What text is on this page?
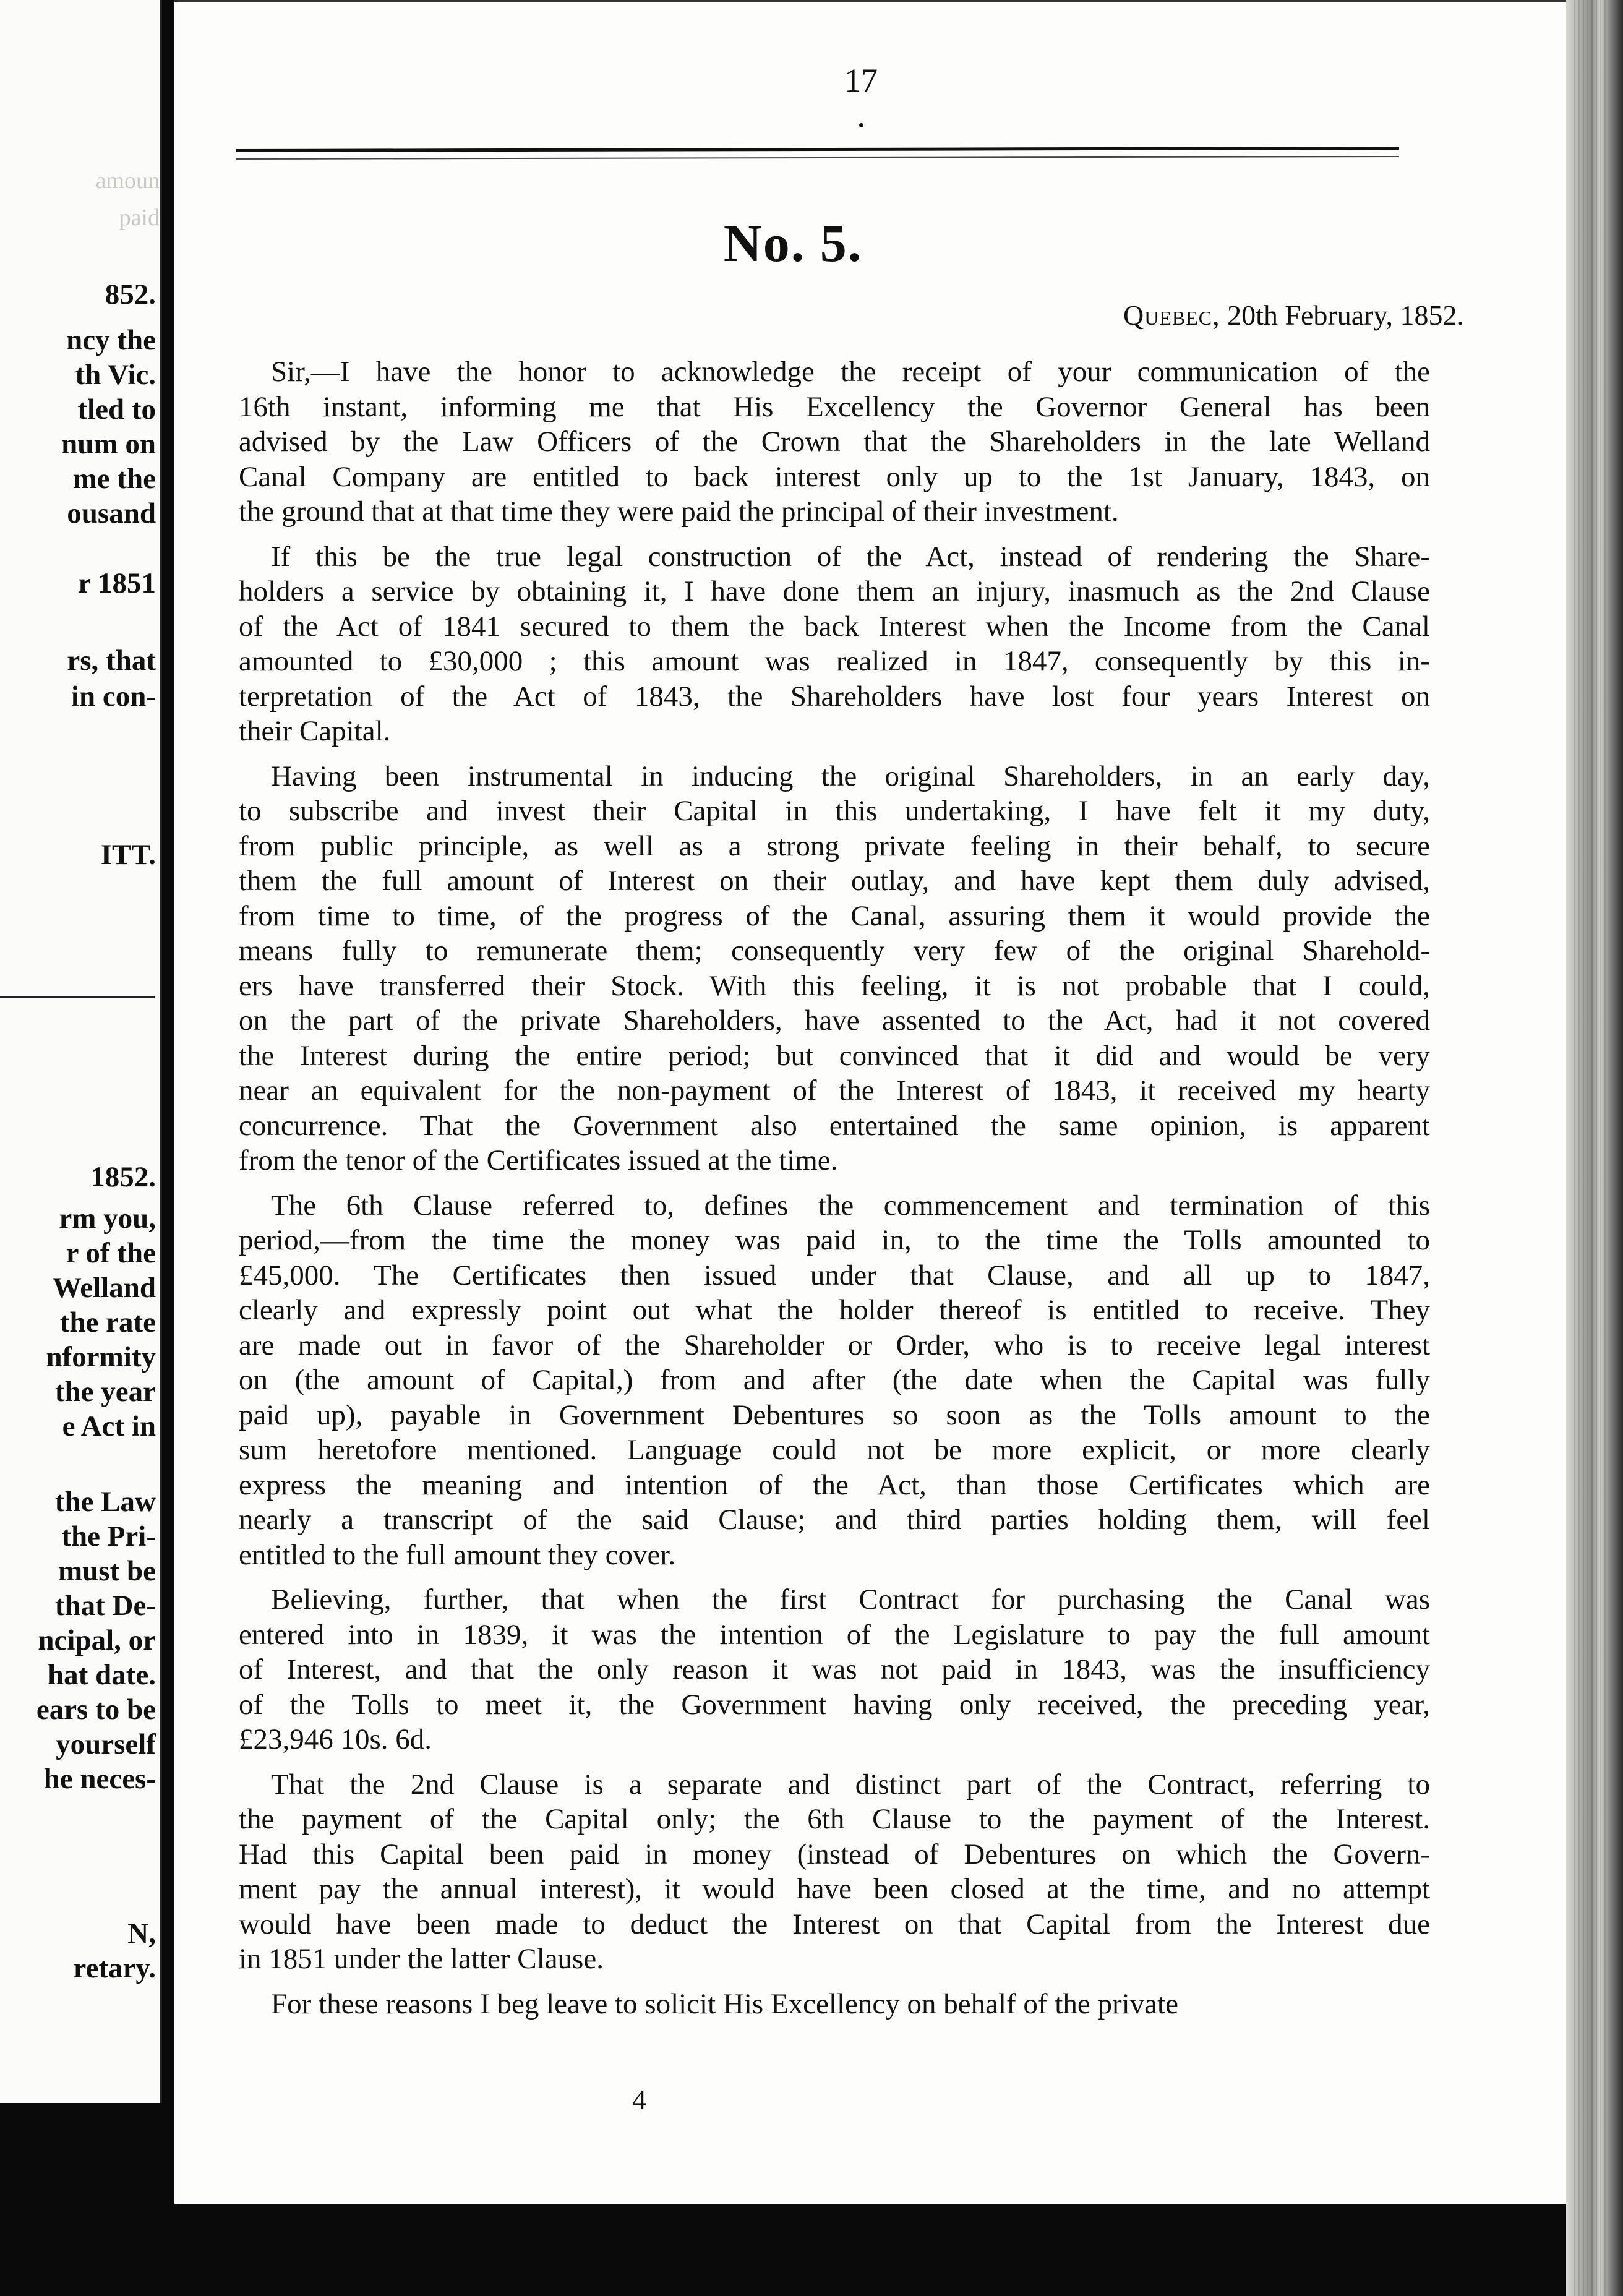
amoun
paid
852.
ncy the
th Vic.
tled to
num on
me the
ousand
r 1851
rs, that
in con-
ITT.
1852.
rm you,
r of the
Welland
the rate
nformity
the year
e Act in
the Law
the Pri-
must be
that De-
ncipal, or
hat date.
ears to be
yourself
he neces-
N,
retary.
17
No. 5.
Quebec, 20th February, 1852.
Sir,—I have the honor to acknowledge the receipt of your communication of the
16th instant, informing me that His Excellency the Governor General has been
advised by the Law Officers of the Crown that the Shareholders in the late Welland
Canal Company are entitled to back interest only up to the 1st January, 1843, on
the ground that at that time they were paid the principal of their investment.
If this be the true legal construction of the Act, instead of rendering the Share-
holders a service by obtaining it, I have done them an injury, inasmuch as the 2nd Clause
of the Act of 1841 secured to them the back Interest when the Income from the Canal
amounted to £30,000 ; this amount was realized in 1847, consequently by this in-
terpretation of the Act of 1843, the Shareholders have lost four years Interest on
their Capital.
Having been instrumental in inducing the original Shareholders, in an early day,
to subscribe and invest their Capital in this undertaking, I have felt it my duty,
from public principle, as well as a strong private feeling in their behalf, to secure
them the full amount of Interest on their outlay, and have kept them duly advised,
from time to time, of the progress of the Canal, assuring them it would provide the
means fully to remunerate them; consequently very few of the original Sharehold-
ers have transferred their Stock. With this feeling, it is not probable that I could,
on the part of the private Shareholders, have assented to the Act, had it not covered
the Interest during the entire period; but convinced that it did and would be very
near an equivalent for the non-payment of the Interest of 1843, it received my hearty
concurrence. That the Government also entertained the same opinion, is apparent
from the tenor of the Certificates issued at the time.
The 6th Clause referred to, defines the commencement and termination of this
period,—from the time the money was paid in, to the time the Tolls amounted to
£45,000. The Certificates then issued under that Clause, and all up to 1847,
clearly and expressly point out what the holder thereof is entitled to receive. They
are made out in favor of the Shareholder or Order, who is to receive legal interest
on (the amount of Capital,) from and after (the date when the Capital was fully
paid up), payable in Government Debentures so soon as the Tolls amount to the
sum heretofore mentioned. Language could not be more explicit, or more clearly
express the meaning and intention of the Act, than those Certificates which are
nearly a transcript of the said Clause; and third parties holding them, will feel
entitled to the full amount they cover.
Believing, further, that when the first Contract for purchasing the Canal was
entered into in 1839, it was the intention of the Legislature to pay the full amount
of Interest, and that the only reason it was not paid in 1843, was the insufficiency
of the Tolls to meet it, the Government having only received, the preceding year,
£23,946 10s. 6d.
That the 2nd Clause is a separate and distinct part of the Contract, referring to
the payment of the Capital only; the 6th Clause to the payment of the Interest.
Had this Capital been paid in money (instead of Debentures on which the Govern-
ment pay the annual interest), it would have been closed at the time, and no attempt
would have been made to deduct the Interest on that Capital from the Interest due
in 1851 under the latter Clause.
For these reasons I beg leave to solicit His Excellency on behalf of the private
4
